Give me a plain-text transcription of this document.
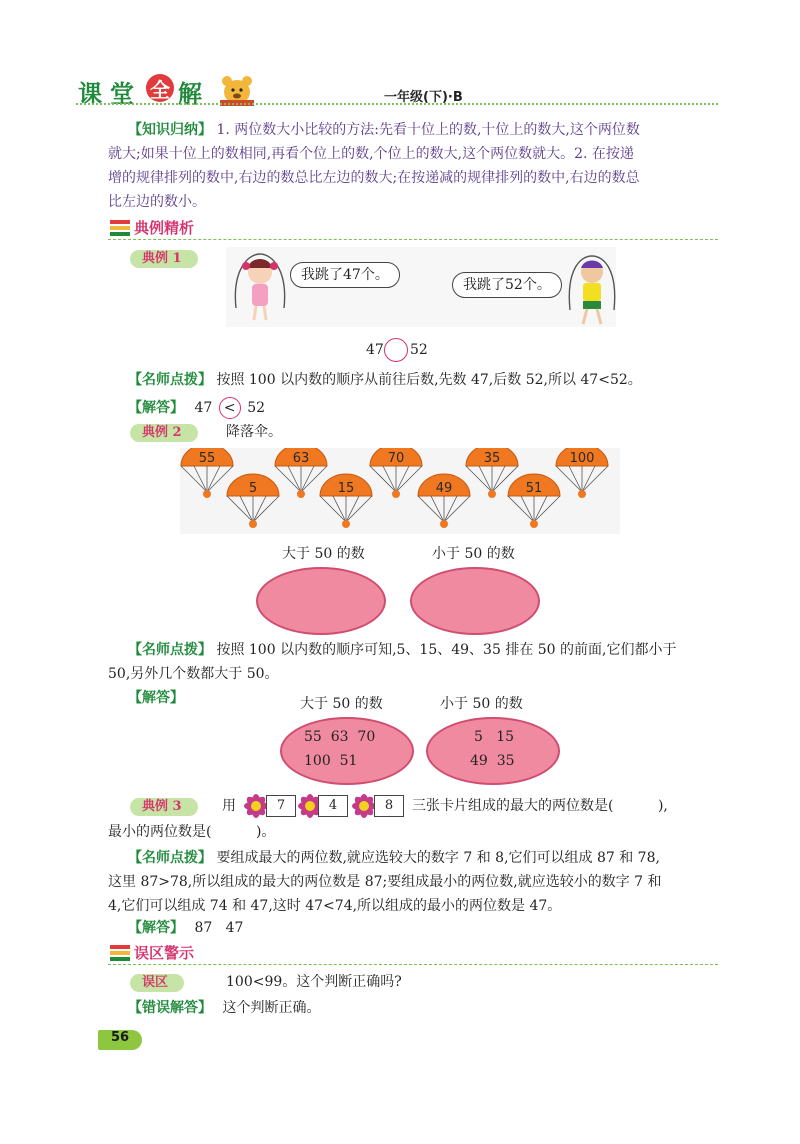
课 堂 全 解	一年级(下)·B
【知识归纳】 1. 两位数大小比较的方法:先看十位上的数,十位上的数大,这个两位数
就大;如果十位上的数相同,再看个位上的数,个位上的数大,这个两位数就大。2. 在按递
增的规律排列的数中,右边的数总比左边的数大;在按递减的规律排列的数中,右边的数总
比左边的数小。
典例精析
典例 1
我跳了47个。
我跳了52个。
47 52
【名师点拨】 按照 100 以内数的顺序从前往后数,先数 47,后数 52,所以 47<52。
【解答】 47 < 52
典例 2	降落伞。
55	63	70	35	100
5	15	49	51
大于 50 的数	小于 50 的数
【名师点拨】 按照 100 以内数的顺序可知,5、15、49、35 排在 50 的前面,它们都小于
50,另外几个数都大于 50。
【解答】	大于 50 的数	小于 50 的数
55  63  70
100  51
5   15
49  35
典例 3	用	7	4	8	三张卡片组成的最大的两位数是(          ),
最小的两位数是(          )。
【名师点拨】 要组成最大的两位数,就应选较大的数字 7 和 8,它们可以组成 87 和 78,
这里 87>78,所以组成的最大的两位数是 87;要组成最小的两位数,就应选较小的数字 7 和
4,它们可以组成 74 和 47,这时 47<74,所以组成的最小的两位数是 47。
【解答】 87   47
误区警示
误区	100<99。这个判断正确吗?
【错误解答】 这个判断正确。
56
